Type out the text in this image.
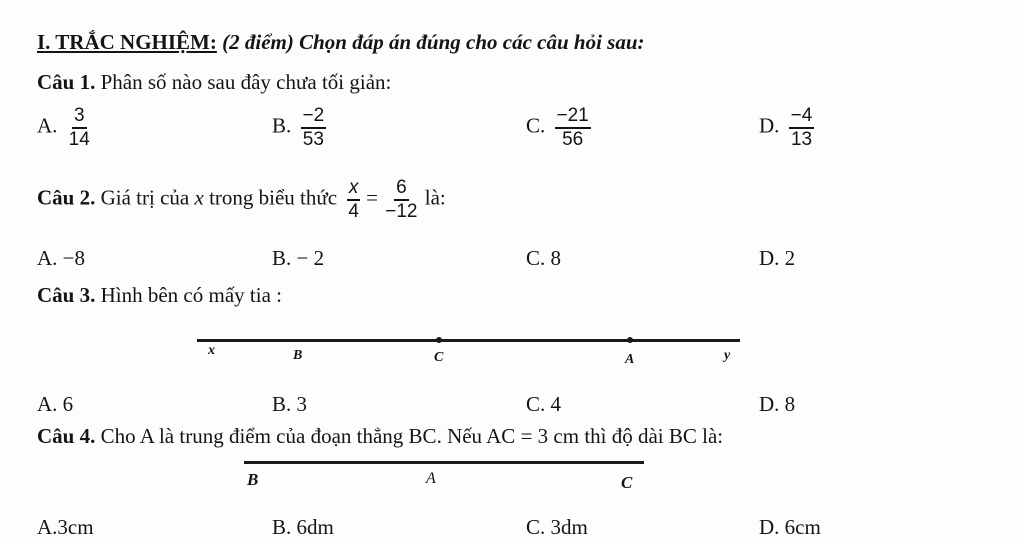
I. TRẮC NGHIỆM: (2 điểm) Chọn đáp án đúng cho các câu hỏi sau:
Câu 1. Phân số nào sau đây chưa tối giản:
A. $\frac{3}{14}$	B. $\frac{-2}{53}$	C. $\frac{-21}{56}$	D. $\frac{-4}{13}$
Câu 2. Giá trị của x trong biểu thức $\frac{x}{4} = \frac{6}{-12}$ là:
A. −8	B. − 2	C. 8	D. 2
Câu 3. Hình bên có mấy tia :
x	B	C	A	y
A. 6	B. 3	C. 4	D. 8
Câu 4. Cho A là trung điểm của đoạn thẳng BC. Nếu AC = 3 cm thì độ dài BC là:
B	A	C
A.3cm	B. 6dm	C. 3dm	D. 6cm
